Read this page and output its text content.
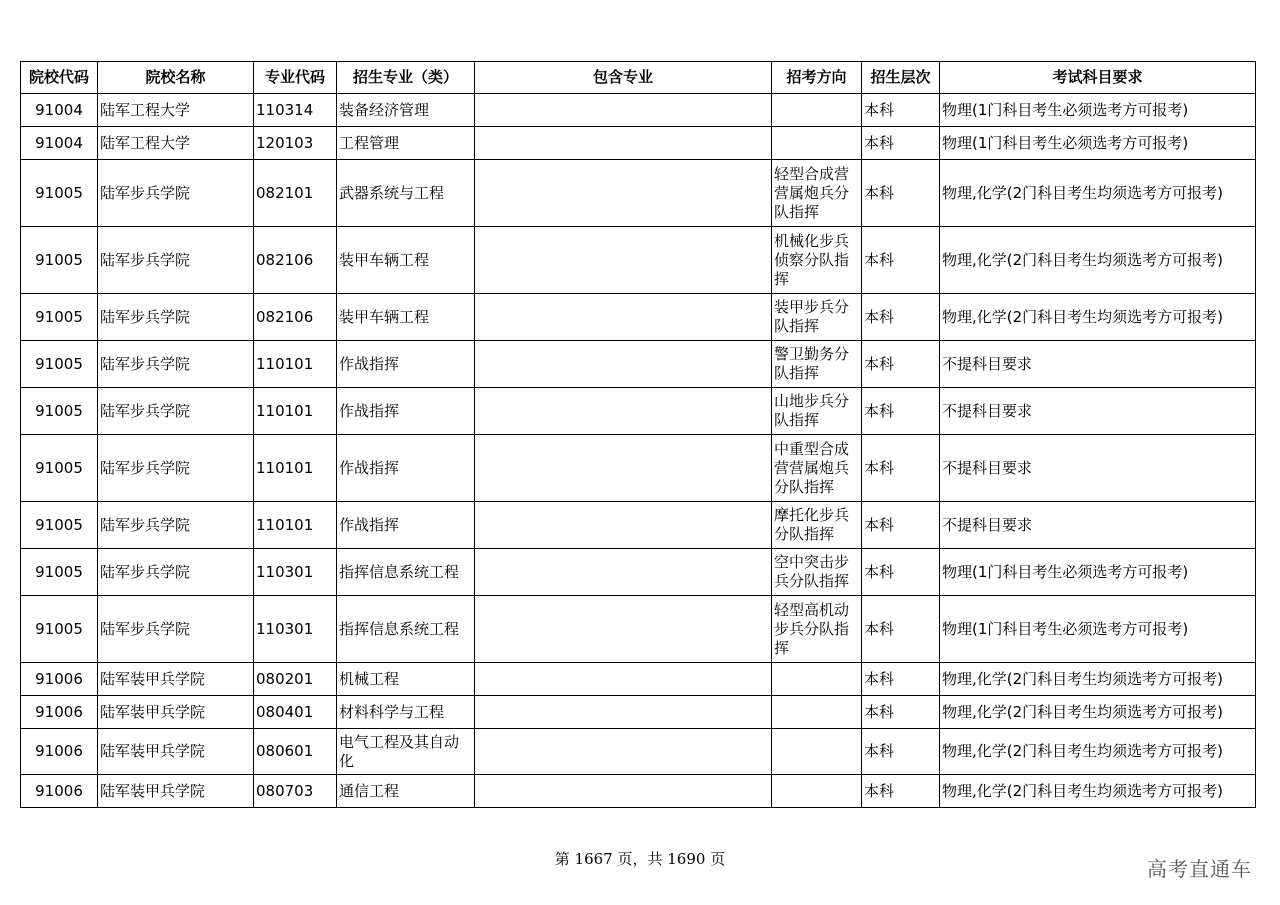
院校代码	院校名称	专业代码	招生专业（类）	包含专业	招考方向	招生层次	考试科目要求
91004	陆军工程大学	110314	装备经济管理			本科	物理(1门科目考生必须选考方可报考)
91004	陆军工程大学	120103	工程管理			本科	物理(1门科目考生必须选考方可报考)
91005	陆军步兵学院	082101	武器系统与工程		轻型合成营营属炮兵分队指挥	本科	物理,化学(2门科目考生均须选考方可报考)
91005	陆军步兵学院	082106	装甲车辆工程		机械化步兵侦察分队指挥	本科	物理,化学(2门科目考生均须选考方可报考)
91005	陆军步兵学院	082106	装甲车辆工程		装甲步兵分队指挥	本科	物理,化学(2门科目考生均须选考方可报考)
91005	陆军步兵学院	110101	作战指挥		警卫勤务分队指挥	本科	不提科目要求
91005	陆军步兵学院	110101	作战指挥		山地步兵分队指挥	本科	不提科目要求
91005	陆军步兵学院	110101	作战指挥		中重型合成营营属炮兵分队指挥	本科	不提科目要求
91005	陆军步兵学院	110101	作战指挥		摩托化步兵分队指挥	本科	不提科目要求
91005	陆军步兵学院	110301	指挥信息系统工程		空中突击步兵分队指挥	本科	物理(1门科目考生必须选考方可报考)
91005	陆军步兵学院	110301	指挥信息系统工程		轻型高机动步兵分队指挥	本科	物理(1门科目考生必须选考方可报考)
91006	陆军装甲兵学院	080201	机械工程			本科	物理,化学(2门科目考生均须选考方可报考)
91006	陆军装甲兵学院	080401	材料科学与工程			本科	物理,化学(2门科目考生均须选考方可报考)
91006	陆军装甲兵学院	080601	电气工程及其自动化			本科	物理,化学(2门科目考生均须选考方可报考)
91006	陆军装甲兵学院	080703	通信工程			本科	物理,化学(2门科目考生均须选考方可报考)
第 1667 页，共 1690 页	高考直通车
